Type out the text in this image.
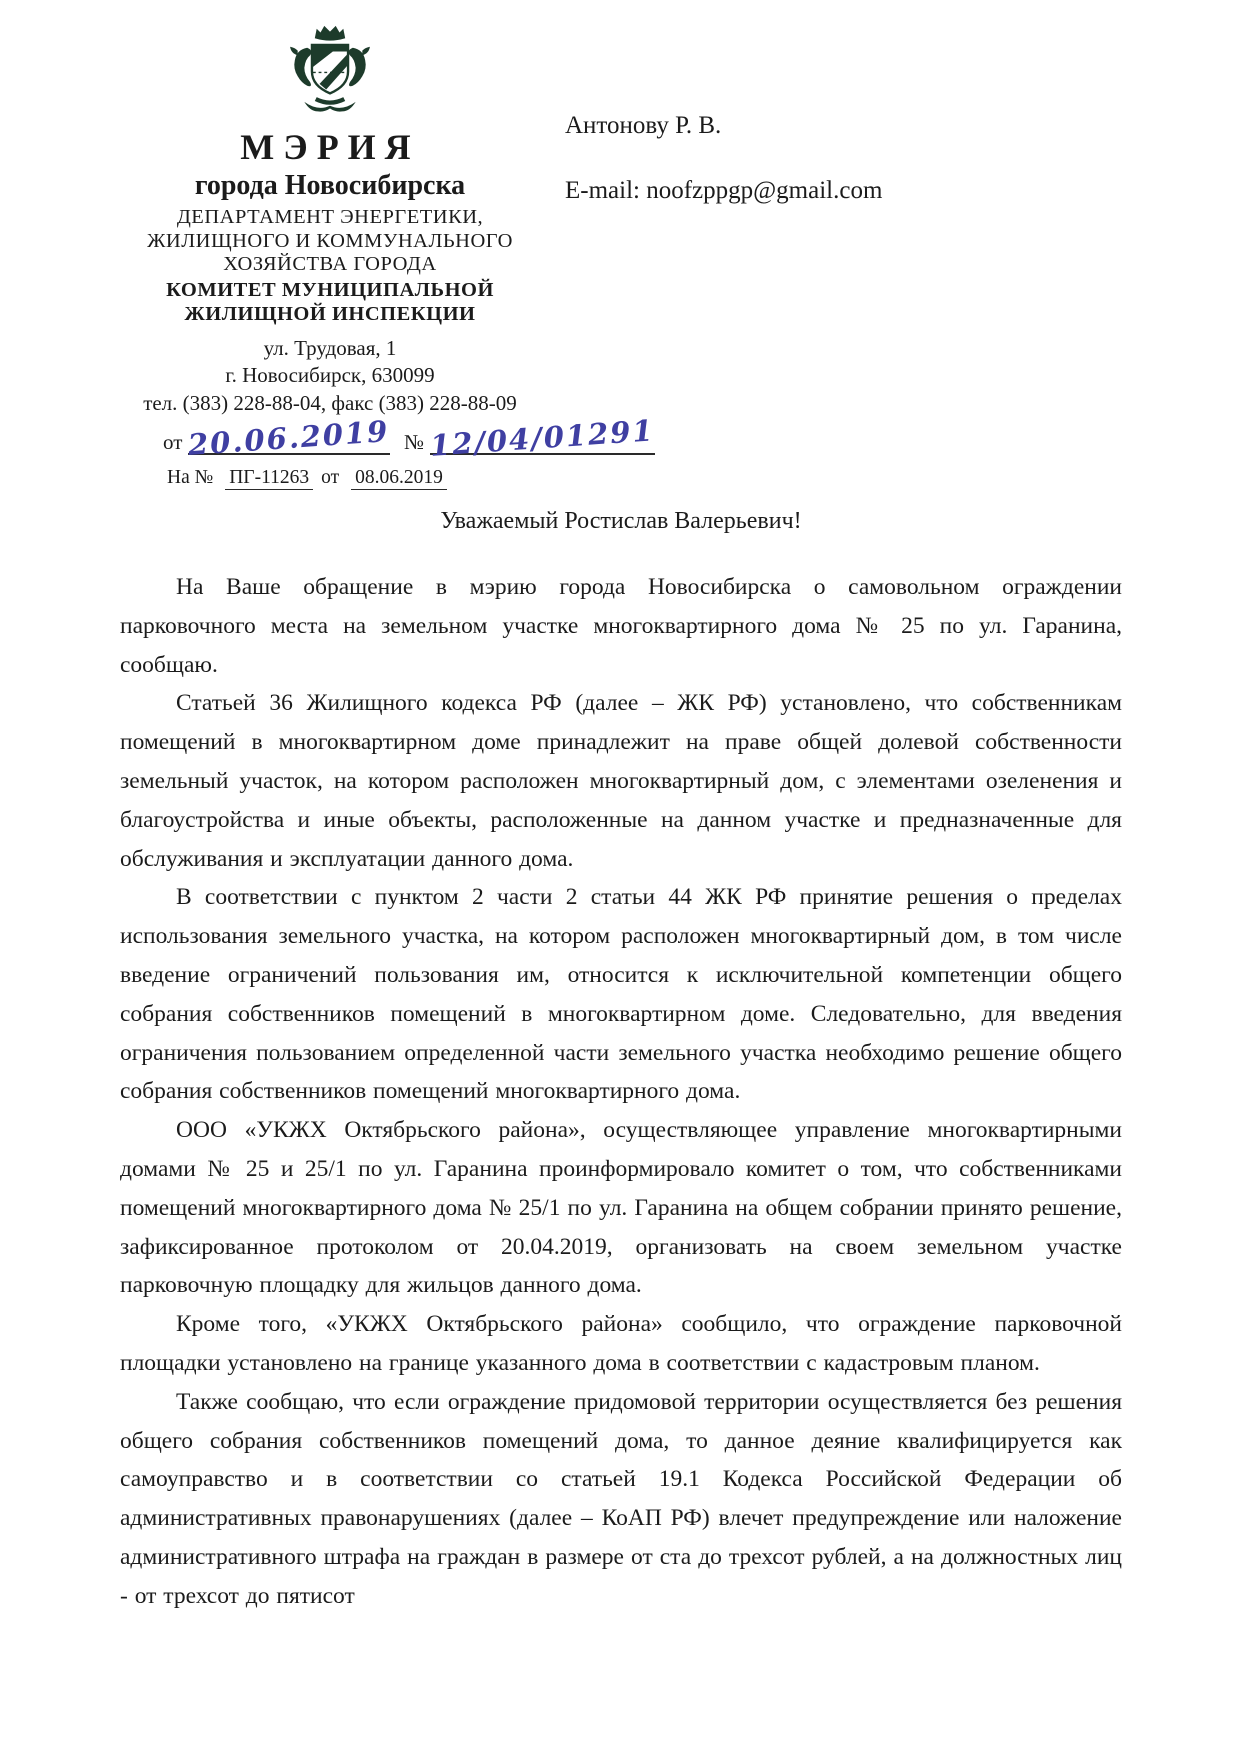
МЭРИЯ
города Новосибирска
ДЕПАРТАМЕНТ ЭНЕРГЕТИКИ,
ЖИЛИЩНОГО И КОММУНАЛЬНОГО
ХОЗЯЙСТВА ГОРОДА
КОМИТЕТ МУНИЦИПАЛЬНОЙ
ЖИЛИЩНОЙ ИНСПЕКЦИИ
ул. Трудовая, 1
г. Новосибирск, 630099
тел. (383) 228-88-04, факс (383) 228-88-09
от 20.06.2019 № 12/04/01291
На № ПГ-11263 от 08.06.2019
Антонову Р. В.
E-mail: noofzppgp@gmail.com
Уважаемый Ростислав Валерьевич!

На Ваше обращение в мэрию города Новосибирска о самовольном ограждении парковочного места на земельном участке многоквартирного дома № 25 по ул. Гаранина, сообщаю.

Статьей 36 Жилищного кодекса РФ (далее – ЖК РФ) установлено, что собственникам помещений в многоквартирном доме принадлежит на праве общей долевой собственности земельный участок, на котором расположен многоквартирный дом, с элементами озеленения и благоустройства и иные объекты, расположенные на данном участке и предназначенные для обслуживания и эксплуатации данного дома.

В соответствии с пунктом 2 части 2 статьи 44 ЖК РФ принятие решения о пределах использования земельного участка, на котором расположен многоквартирный дом, в том числе введение ограничений пользования им, относится к исключительной компетенции общего собрания собственников помещений в многоквартирном доме. Следовательно, для введения ограничения пользованием определенной части земельного участка необходимо решение общего собрания собственников помещений многоквартирного дома.

ООО «УКЖХ Октябрьского района», осуществляющее управление многоквартирными домами № 25 и 25/1 по ул. Гаранина проинформировало комитет о том, что собственниками помещений многоквартирного дома № 25/1 по ул. Гаранина на общем собрании принято решение, зафиксированное протоколом от 20.04.2019, организовать на своем земельном участке парковочную площадку для жильцов данного дома.

Кроме того, «УКЖХ Октябрьского района» сообщило, что ограждение парковочной площадки установлено на границе указанного дома в соответствии с кадастровым планом.

Также сообщаю, что если ограждение придомовой территории осуществляется без решения общего собрания собственников помещений дома, то данное деяние квалифицируется как самоуправство и в соответствии со статьей 19.1 Кодекса Российской Федерации об административных правонарушениях (далее – КоАП РФ) влечет предупреждение или наложение административного штрафа на граждан в размере от ста до трехсот рублей, а на должностных лиц - от трехсот до пятисот
